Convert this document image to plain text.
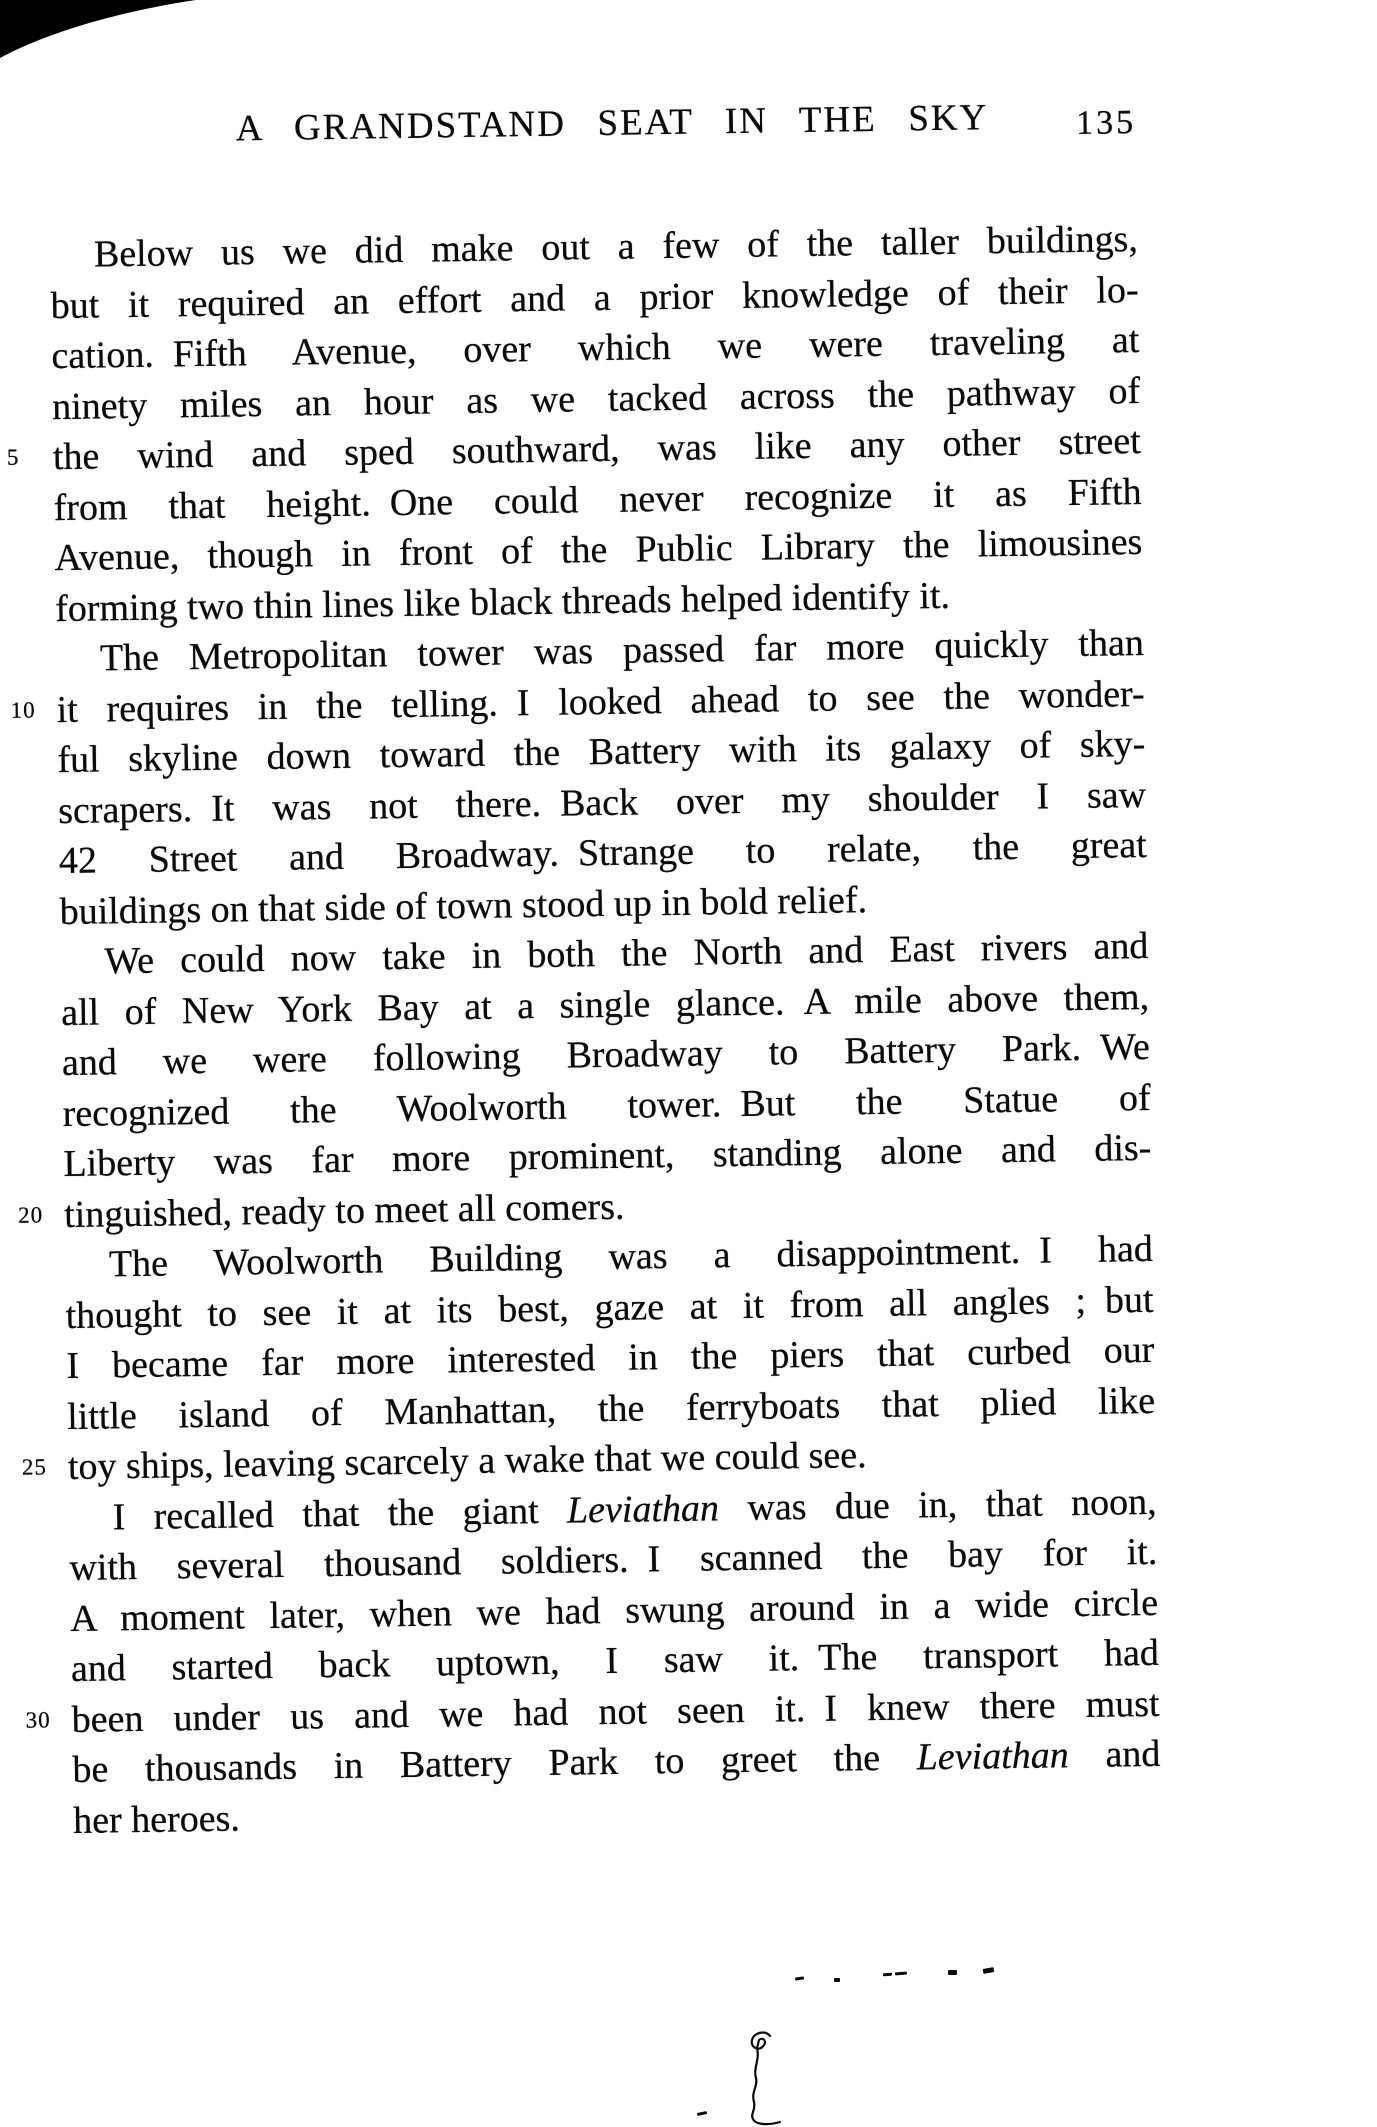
A GRANDSTAND SEAT IN THE SKY	135
Below us we did make out a few of the taller buildings,
but it required an effort and a prior knowledge of their lo-
cation. Fifth Avenue, over which we were traveling at
ninety miles an hour as we tacked across the pathway of
5 the wind and sped southward, was like any other street
from that height. One could never recognize it as Fifth
Avenue, though in front of the Public Library the limousines
forming two thin lines like black threads helped identify it.
The Metropolitan tower was passed far more quickly than
10 it requires in the telling. I looked ahead to see the wonder-
ful skyline down toward the Battery with its galaxy of sky-
scrapers. It was not there. Back over my shoulder I saw
42 Street and Broadway. Strange to relate, the great
buildings on that side of town stood up in bold relief.
We could now take in both the North and East rivers and
all of New York Bay at a single glance. A mile above them,
and we were following Broadway to Battery Park. We
recognized the Woolworth tower. But the Statue of
Liberty was far more prominent, standing alone and dis-
20 tinguished, ready to meet all comers.
The Woolworth Building was a disappointment. I had
thought to see it at its best, gaze at it from all angles ; but
I became far more interested in the piers that curbed our
little island of Manhattan, the ferryboats that plied like
25 toy ships, leaving scarcely a wake that we could see.
I recalled that the giant Leviathan was due in, that noon,
with several thousand soldiers. I scanned the bay for it.
A moment later, when we had swung around in a wide circle
and started back uptown, I saw it. The transport had
30 been under us and we had not seen it. I knew there must
be thousands in Battery Park to greet the Leviathan and
her heroes.
